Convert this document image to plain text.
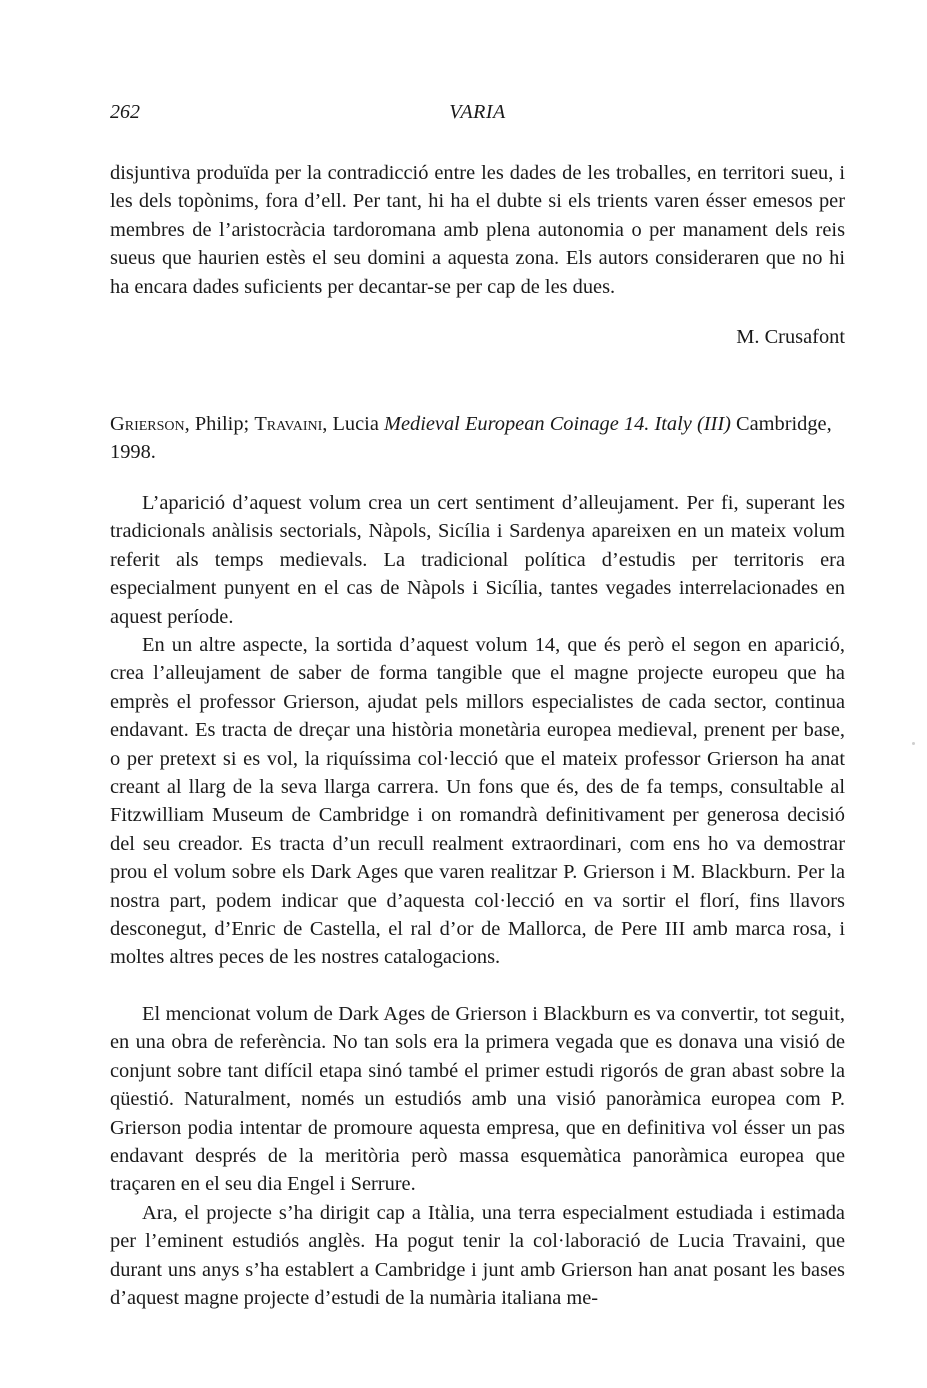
262	VARIA

disjuntiva produïda per la contradicció entre les dades de les troballes, en territori sueu, i les dels topònims, fora d’ell. Per tant, hi ha el dubte si els trients varen ésser emesos per membres de l’aristocràcia tardoromana amb plena autonomia o per manament dels reis sueus que haurien estès el seu domini a aquesta zona. Els autors consideraren que no hi ha encara dades suficients per decantar-se per cap de les dues.

M. Crusafont
Grierson, Philip; Travaini, Lucia Medieval European Coinage 14. Italy (III) Cambridge, 1998.

L’aparició d’aquest volum crea un cert sentiment d’alleujament. Per fi, superant les tradicionals anàlisis sectorials, Nàpols, Sicília i Sardenya apareixen en un mateix volum referit als temps medievals. La tradicional política d’estudis per territoris era especialment punyent en el cas de Nàpols i Sicília, tantes vegades interrelacionades en aquest període.

En un altre aspecte, la sortida d’aquest volum 14, que és però el segon en aparició, crea l’alleujament de saber de forma tangible que el magne projecte europeu que ha emprès el professor Grierson, ajudat pels millors especialistes de cada sector, continua endavant. Es tracta de dreçar una història monetària europea medieval, prenent per base, o per pretext si es vol, la riquíssima col·lecció que el mateix professor Grierson ha anat creant al llarg de la seva llarga carrera. Un fons que és, des de fa temps, consultable al Fitzwilliam Museum de Cambridge i on romandrà definitivament per generosa decisió del seu creador. Es tracta d’un recull realment extraordinari, com ens ho va demostrar prou el volum sobre els Dark Ages que varen realitzar P. Grierson i M. Blackburn. Per la nostra part, podem indicar que d’aquesta col·lecció en va sortir el florí, fins llavors desconegut, d’Enric de Castella, el ral d’or de Mallorca, de Pere III amb marca rosa, i moltes altres peces de les nostres catalogacions.

El mencionat volum de Dark Ages de Grierson i Blackburn es va convertir, tot seguit, en una obra de referència. No tan sols era la primera vegada que es donava una visió de conjunt sobre tant difícil etapa sinó també el primer estudi rigorós de gran abast sobre la qüestió. Naturalment, només un estudiós amb una visió panoràmica europea com P. Grierson podia intentar de promoure aquesta empresa, que en definitiva vol ésser un pas endavant després de la meritòria però massa esquemàtica panoràmica europea que traçaren en el seu dia Engel i Serrure.

Ara, el projecte s’ha dirigit cap a Itàlia, una terra especialment estudiada i estimada per l’eminent estudiós anglès. Ha pogut tenir la col·laboració de Lucia Travaini, que durant uns anys s’ha establert a Cambridge i junt amb Grierson han anat posant les bases d’aquest magne projecte d’estudi de la numària italiana me-
